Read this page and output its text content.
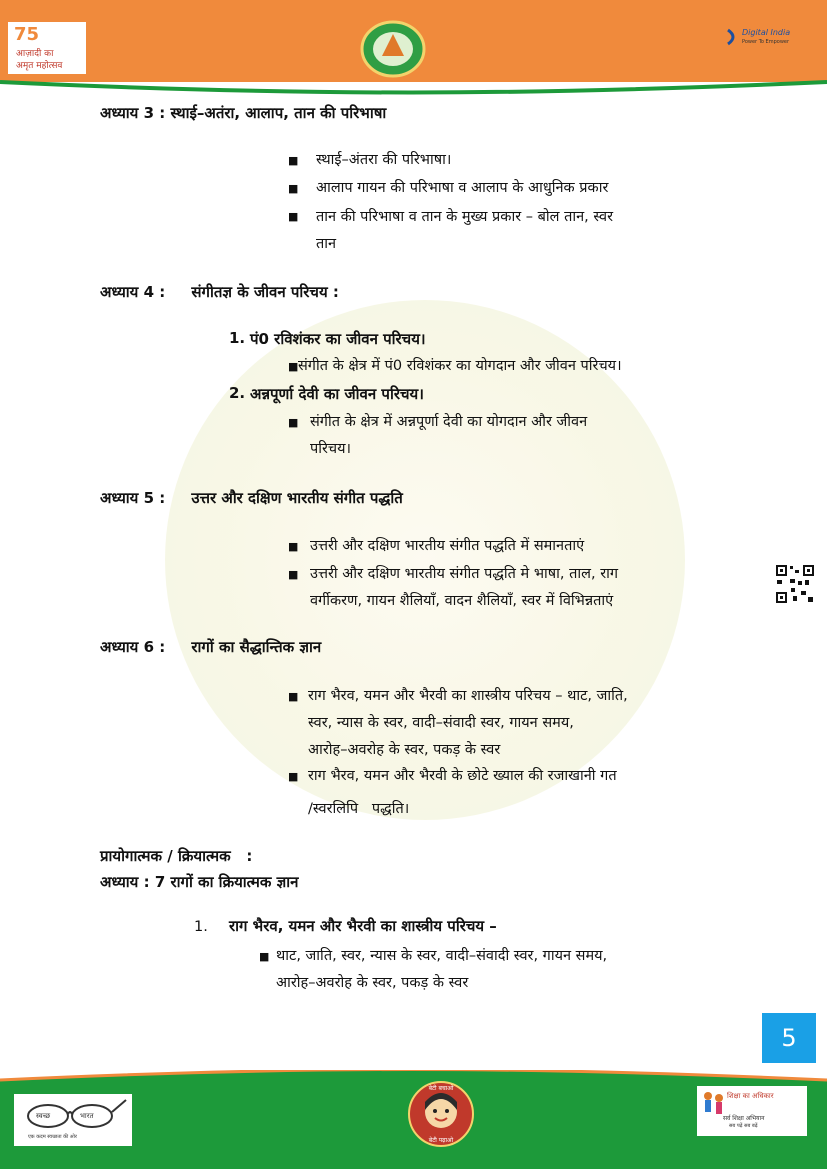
75
आज़ादी का
अमृत महोत्सव
Digital India
Power To Empower
अध्याय 3 : स्थाई–अतंरा, आलाप, तान की परिभाषा
■ स्थाई–अंतरा की परिभाषा।
■ आलाप गायन की परिभाषा व आलाप के आधुनिक प्रकार
■ तान की परिभाषा व तान के मुख्य प्रकार – बोल तान, स्वर
तान
अध्याय 4 :     संगीतज्ञ के जीवन परिचय :
1. पं0 रविशंकर का जीवन परिचय।
■ संगीत के क्षेत्र में पं0 रविशंकर का योगदान और जीवन परिचय।
2. अन्नपूर्णा देवी का जीवन परिचय।
■ संगीत के क्षेत्र में अन्नपूर्णा देवी का योगदान और जीवन
परिचय।
अध्याय 5 :     उत्तर और दक्षिण भारतीय संगीत पद्धति
■ उत्तरी और दक्षिण भारतीय संगीत पद्धति में समानताएं
■ उत्तरी और दक्षिण भारतीय संगीत पद्धति मे भाषा, ताल, राग
वर्गीकरण, गायन शैलियाँ, वादन शैलियाँ, स्वर में विभिन्नताएं
अध्याय 6 :     रागों का सैद्धान्तिक ज्ञान
■ राग भैरव, यमन और भैरवी का शास्त्रीय परिचय – थाट, जाति,
स्वर, न्यास के स्वर, वादी–संवादी स्वर, गायन समय,
आरोह–अवरोह के स्वर, पकड़ के स्वर
■ राग भैरव, यमन और भैरवी के छोटे ख्याल की रजाखानी गत
/स्वरलिपि   पद्धति।
प्रायोगात्मक / क्रियात्मक   :
अध्याय : 7 रागों का क्रियात्मक ज्ञान
1. राग भैरव, यमन और भैरवी का शास्त्रीय परिचय –
■ थाट, जाति, स्वर, न्यास के स्वर, वादी–संवादी स्वर, गायन समय,
आरोह–अवरोह के स्वर, पकड़ के स्वर
5
स्वच्छ	भारत
एक कदम स्वच्छता की ओर
बेटी बचाओ
बेटी पढ़ाओ
शिक्षा का अधिकार
सर्व शिक्षा अभियान
सब पढ़ें सब बढ़ें
